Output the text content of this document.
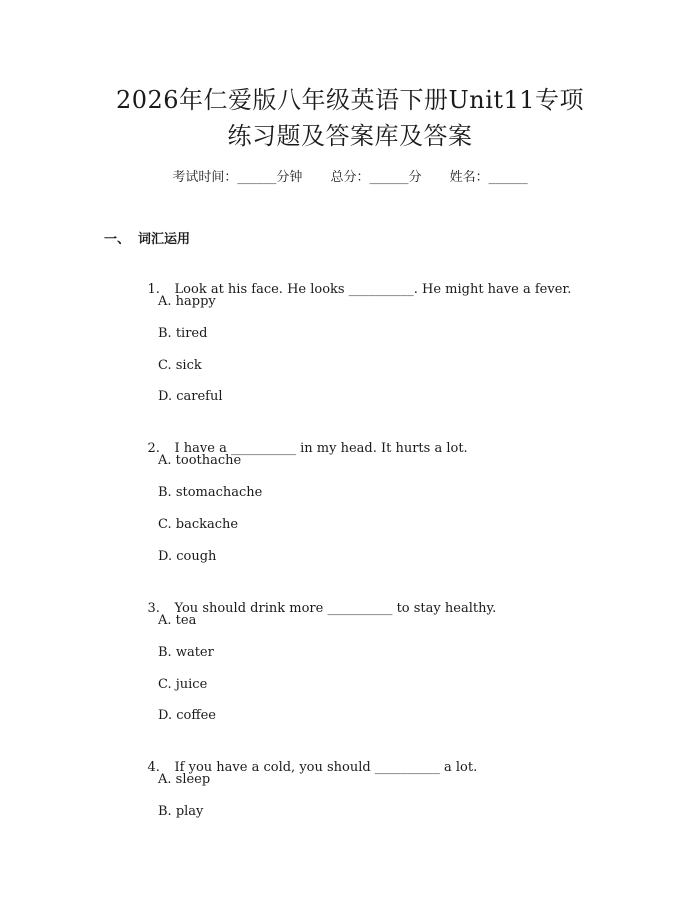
2026年仁爱版八年级英语下册Unit11专项
练习题及答案库及答案
考试时间：______分钟 总分：______分 姓名：______
一、 词汇运用

1. Look at his face. He looks __________. He might have a fever.

A. happy
B. tired
C. sick
D. careful

2. I have a __________ in my head. It hurts a lot.

A. toothache
B. stomachache
C. backache
D. cough

3. You should drink more __________ to stay healthy.

A. tea
B. water
C. juice
D. coffee

4. If you have a cold, you should __________ a lot.

A. sleep
B. play
